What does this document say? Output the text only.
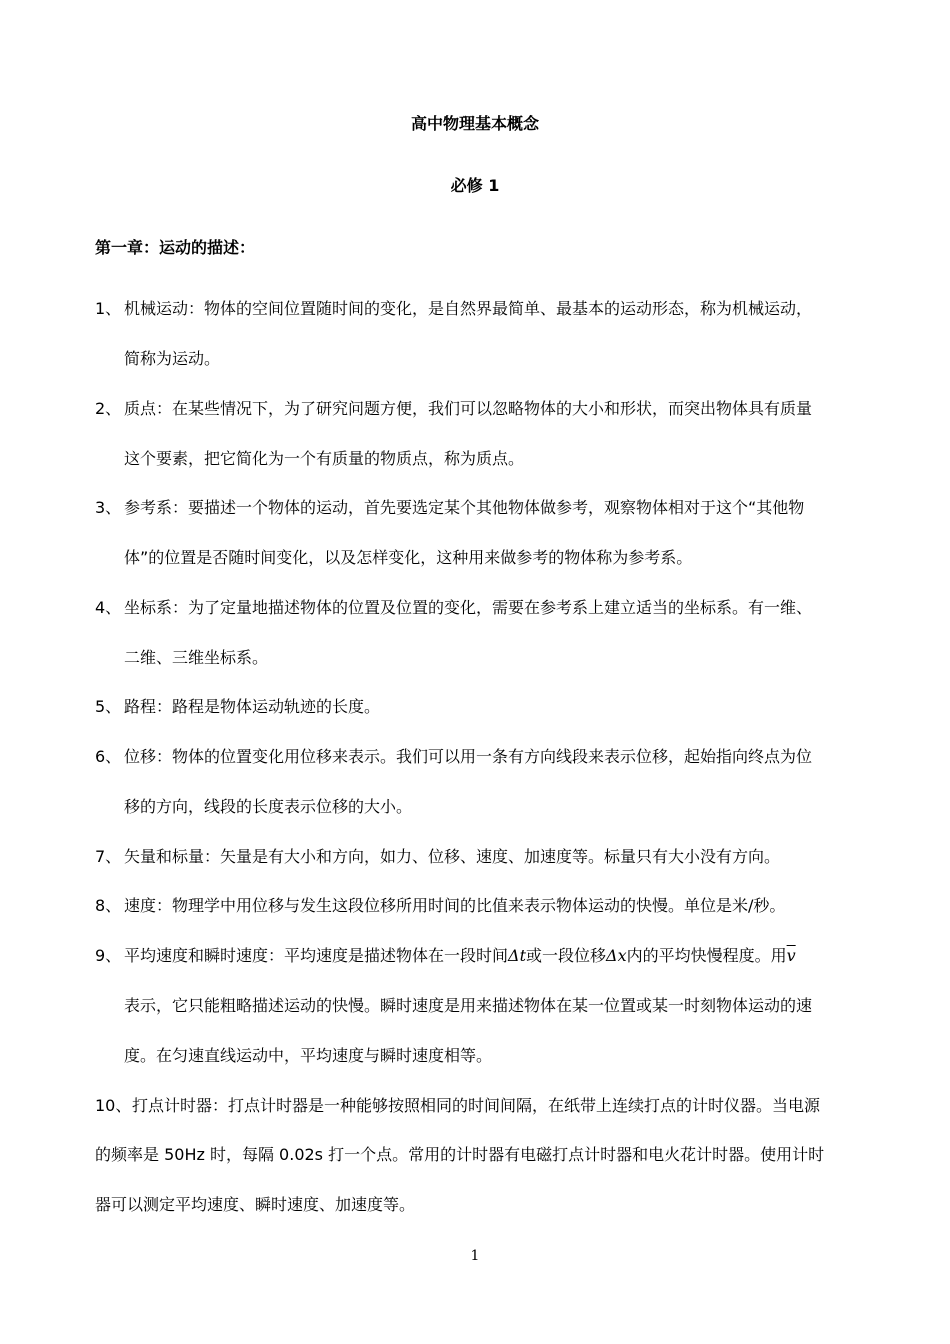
高中物理基本概念
必修 1
第一章：运动的描述：
1、 机械运动：物体的空间位置随时间的变化，是自然界最简单、最基本的运动形态，称为机械运动，
简称为运动。
2、 质点：在某些情况下，为了研究问题方便，我们可以忽略物体的大小和形状，而突出物体具有质量
这个要素，把它简化为一个有质量的物质点，称为质点。
3、 参考系：要描述一个物体的运动，首先要选定某个其他物体做参考，观察物体相对于这个“其他物
体”的位置是否随时间变化，以及怎样变化，这种用来做参考的物体称为参考系。
4、 坐标系：为了定量地描述物体的位置及位置的变化，需要在参考系上建立适当的坐标系。有一维、
二维、三维坐标系。
5、 路程：路程是物体运动轨迹的长度。
6、 位移：物体的位置变化用位移来表示。我们可以用一条有方向线段来表示位移，起始指向终点为位
移的方向，线段的长度表示位移的大小。
7、 矢量和标量：矢量是有大小和方向，如力、位移、速度、加速度等。标量只有大小没有方向。
8、 速度：物理学中用位移与发生这段位移所用时间的比值来表示物体运动的快慢。单位是米/秒。
9、 平均速度和瞬时速度：平均速度是描述物体在一段时间Δt或一段位移Δx内的平均快慢程度。用$\overline{v}$
表示，它只能粗略描述运动的快慢。瞬时速度是用来描述物体在某一位置或某一时刻物体运动的速
度。在匀速直线运动中，平均速度与瞬时速度相等。
10、打点计时器：打点计时器是一种能够按照相同的时间间隔，在纸带上连续打点的计时仪器。当电源
的频率是 50Hz 时，每隔 0.02s 打一个点。常用的计时器有电磁打点计时器和电火花计时器。使用计时
器可以测定平均速度、瞬时速度、加速度等。
1
